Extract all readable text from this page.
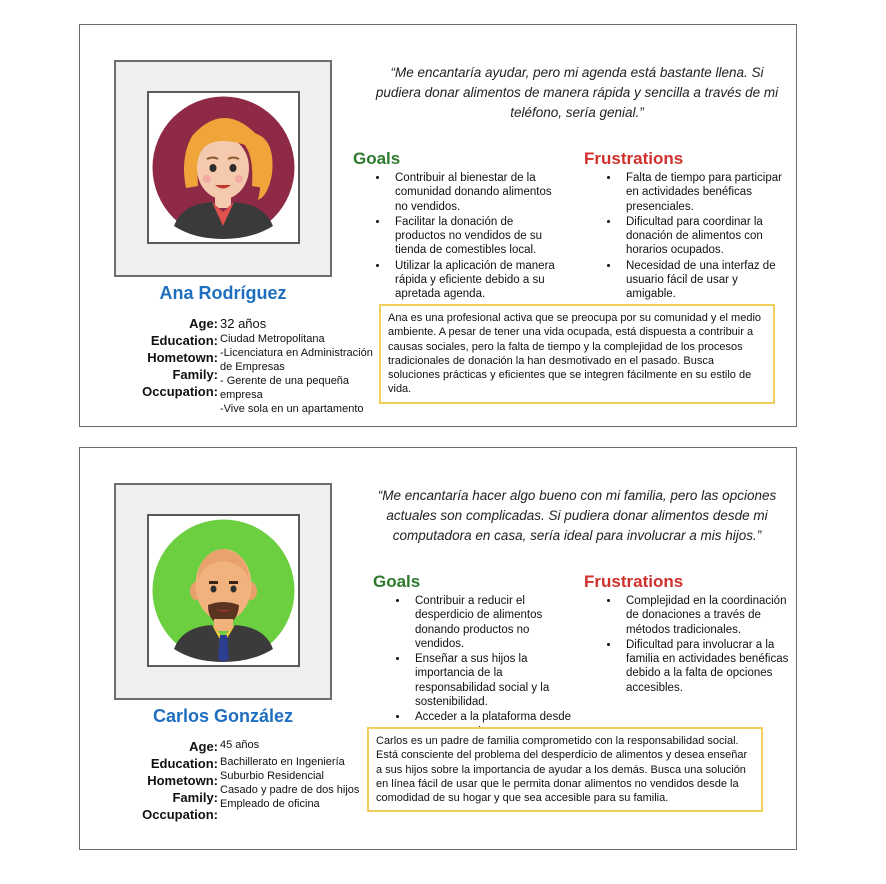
Ana Rodríguez
Age:
Education:
Hometown:
Family:
Occupation:
32 años
Ciudad Metropolitana
-Licenciatura en Administración de Empresas
- Gerente de una pequeña empresa
-Vive sola en un apartamento
“Me encantaría ayudar, pero mi agenda está bastante llena. Si pudiera donar alimentos de manera rápida y sencilla a través de mi teléfono, sería genial.”
Goals
• Contribuir al bienestar de la comunidad donando alimentos no vendidos.
• Facilitar la donación de productos no vendidos de su tienda de comestibles local.
• Utilizar la aplicación de manera rápida y eficiente debido a su apretada agenda.
Frustrations
• Falta de tiempo para participar en actividades benéficas presenciales.
• Dificultad para coordinar la donación de alimentos con horarios ocupados.
• Necesidad de una interfaz de usuario fácil de usar y amigable.
Ana es una profesional activa que se preocupa por su comunidad y el medio ambiente. A pesar de tener una vida ocupada, está dispuesta a contribuir a causas sociales, pero la falta de tiempo y la complejidad de los procesos tradicionales de donación la han desmotivado en el pasado. Busca soluciones prácticas y eficientes que se integren fácilmente en su estilo de vida.
Carlos González
Age:
Education:
Hometown:
Family:
Occupation:
45 años
Bachillerato en Ingeniería
Suburbio Residencial
Casado y padre de dos hijos
Empleado de oficina
“Me encantaría hacer algo bueno con mi familia, pero las opciones actuales son complicadas. Si pudiera donar alimentos desde mi computadora en casa, sería ideal para involucrar a mis hijos.”
Goals
• Contribuir a reducir el desperdicio de alimentos donando productos no vendidos.
• Enseñar a sus hijos la importancia de la responsabilidad social y la sostenibilidad.
• Acceder a la plataforma desde
Frustrations
• Complejidad en la coordinación de donaciones a través de métodos tradicionales.
• Dificultad para involucrar a la familia en actividades benéficas debido a la falta de opciones accesibles.
Carlos es un padre de familia comprometido con la responsabilidad social. Está consciente del problema del desperdicio de alimentos y desea enseñar a sus hijos sobre la importancia de ayudar a los demás. Busca una solución en línea fácil de usar que le permita donar alimentos no vendidos desde la comodidad de su hogar y que sea accesible para su familia.
